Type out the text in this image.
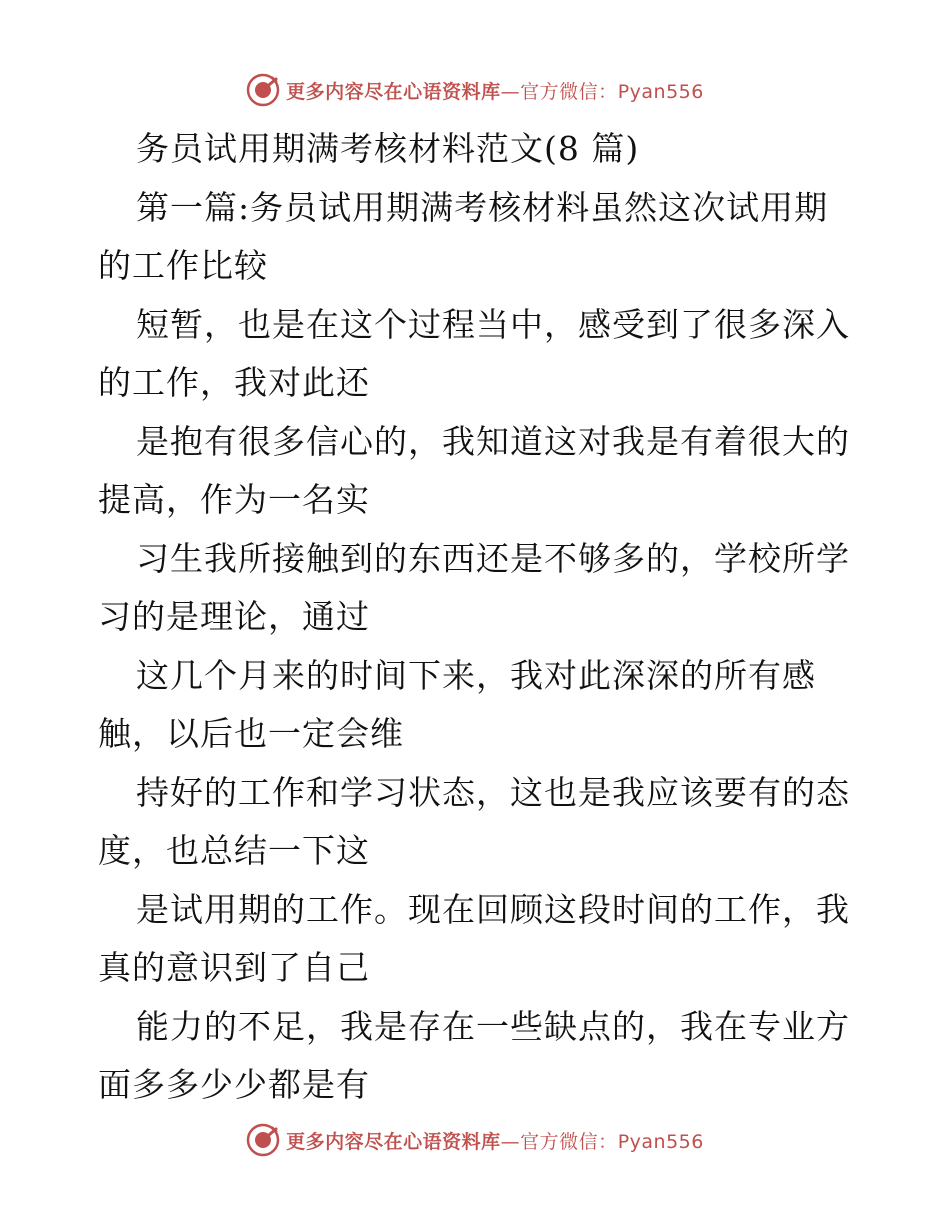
更多内容尽在心语资料库—官方微信：Pyan556
务员试用期满考核材料范文(8 篇)
第一篇:务员试用期满考核材料虽然这次试用期
的工作比较
短暂，也是在这个过程当中，感受到了很多深入
的工作，我对此还
是抱有很多信心的，我知道这对我是有着很大的
提高，作为一名实
习生我所接触到的东西还是不够多的，学校所学
习的是理论，通过
这几个月来的时间下来，我对此深深的所有感
触，以后也一定会维
持好的工作和学习状态，这也是我应该要有的态
度，也总结一下这
是试用期的工作。现在回顾这段时间的工作，我
真的意识到了自己
能力的不足，我是存在一些缺点的，我在专业方
面多多少少都是有
更多内容尽在心语资料库—官方微信：Pyan556
